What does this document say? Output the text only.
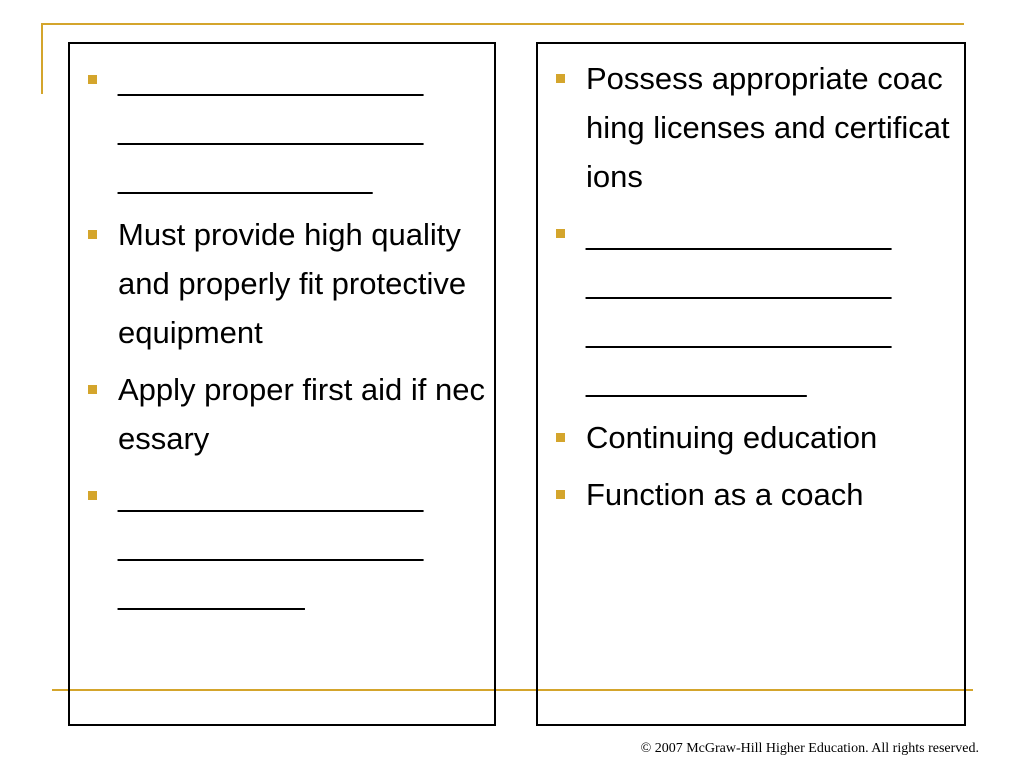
__________________
__________________
_______________
Must provide high quality and properly fit protective equipment
Apply proper first aid if necessary
__________________
__________________
___________
Possess appropriate coaching licenses and certifications
__________________
__________________
__________________
_____________
Continuing education
Function as a coach
© 2007 McGraw-Hill Higher Education. All rights reserved.
